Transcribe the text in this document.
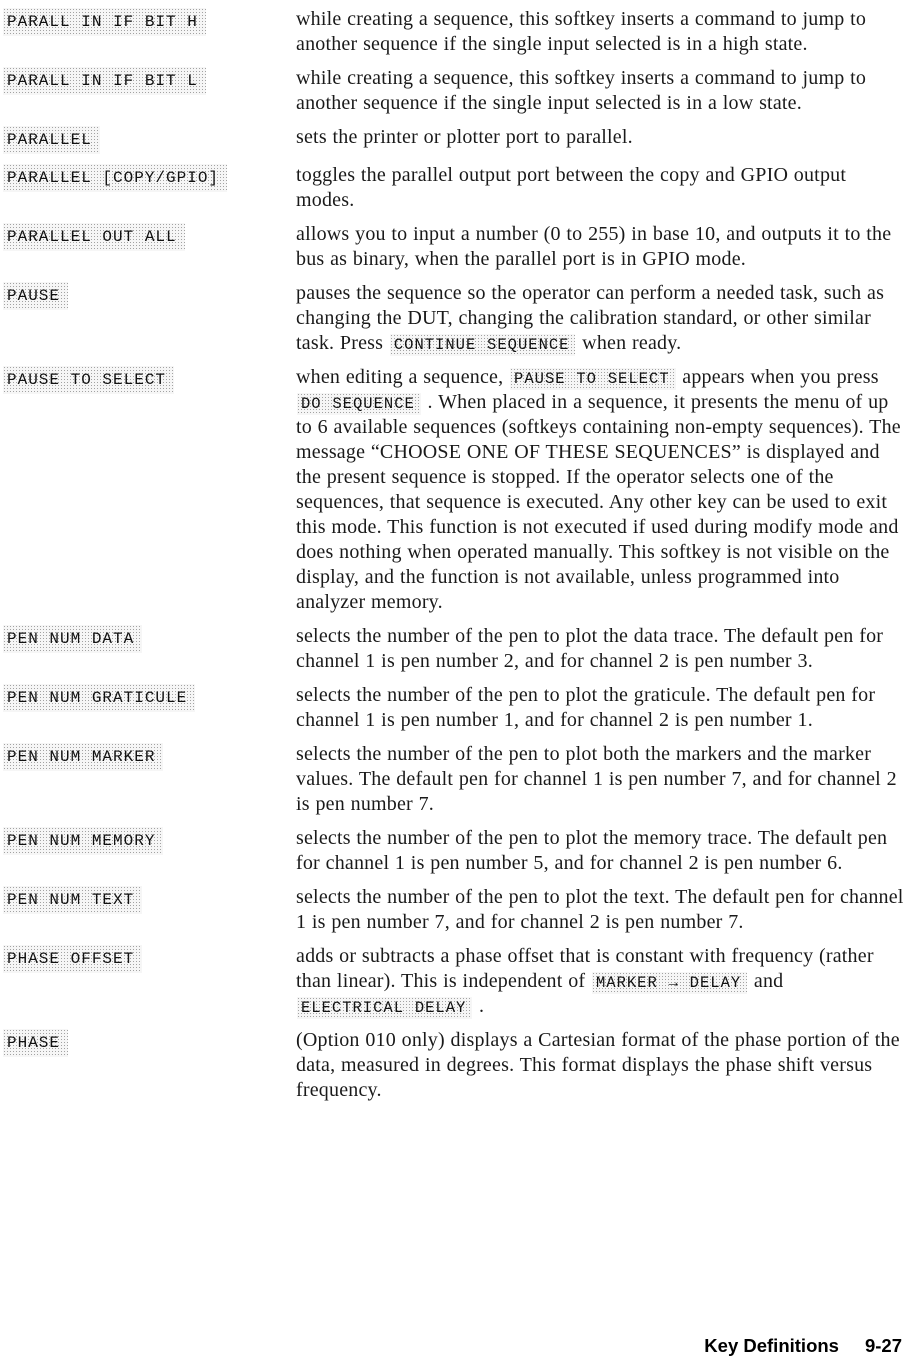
PARALL IN IF BIT H	while creating a sequence, this softkey inserts a command to jump to another sequence if the single input selected is in a high state.
PARALL IN IF BIT L	while creating a sequence, this softkey inserts a command to jump to another sequence if the single input selected is in a low state.
PARALLEL	sets the printer or plotter port to parallel.
PARALLEL [COPY/GPIO]	toggles the parallel output port between the copy and GPIO output modes.
PARALLEL OUT ALL	allows you to input a number (0 to 255) in base 10, and outputs it to the bus as binary, when the parallel port is in GPIO mode.
PAUSE	pauses the sequence so the operator can perform a needed task, such as changing the DUT, changing the calibration standard, or other similar task. Press CONTINUE SEQUENCE when ready.
PAUSE TO SELECT	when editing a sequence, PAUSE TO SELECT appears when you press DO SEQUENCE . When placed in a sequence, it presents the menu of up to 6 available sequences (softkeys containing non-empty sequences). The message “CHOOSE ONE OF THESE SEQUENCES” is displayed and the present sequence is stopped. If the operator selects one of the sequences, that sequence is executed. Any other key can be used to exit this mode. This function is not executed if used during modify mode and does nothing when operated manually. This softkey is not visible on the display, and the function is not available, unless programmed into analyzer memory.
PEN NUM DATA	selects the number of the pen to plot the data trace. The default pen for channel 1 is pen number 2, and for channel 2 is pen number 3.
PEN NUM GRATICULE	selects the number of the pen to plot the graticule. The default pen for channel 1 is pen number 1, and for channel 2 is pen number 1.
PEN NUM MARKER	selects the number of the pen to plot both the markers and the marker values. The default pen for channel 1 is pen number 7, and for channel 2 is pen number 7.
PEN NUM MEMORY	selects the number of the pen to plot the memory trace. The default pen for channel 1 is pen number 5, and for channel 2 is pen number 6.
PEN NUM TEXT	selects the number of the pen to plot the text. The default pen for channel 1 is pen number 7, and for channel 2 is pen number 7.
PHASE OFFSET	adds or subtracts a phase offset that is constant with frequency (rather than linear). This is independent of MARKER → DELAY and ELECTRICAL DELAY .
PHASE	(Option 010 only) displays a Cartesian format of the phase portion of the data, measured in degrees. This format displays the phase shift versus frequency.
Key Definitions 9-27
